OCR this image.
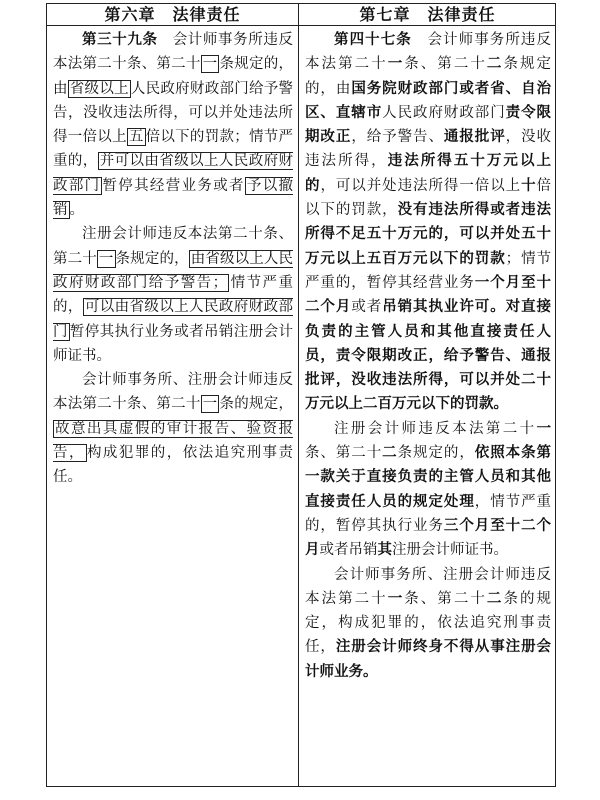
第六章　法律责任	第七章　法律责任

第三十九条　会计师事务所违反本法第二十条、第二十 一 条规定的，由 省级以上 人民政府财政部门给予警告，没收违法所得，可以并处违法所得一倍以上 五 倍以下的罚款；情节严重的， 并可以由省级以上人民政府财政部门 暂停其经营业务或者 予以撤销 。

注册会计师违反本法第二十条、第二十 一 条规定的， 由省级以上人民政府财政部门给予警告； 情节严重的， 可以由省级以上人民政府财政部门 暂停其执行业务或者吊销注册会计师证书。

会计师事务所、注册会计师违反本法第二十条、第二十 一 条的规定，故意出具虚假的审计报告、验资报告， 构成犯罪的，依法追究刑事责任。

第四十七条　会计师事务所违反本法第二十一条、第二十二条规定的，由国务院财政部门或者省、自治区、直辖市人民政府财政部门责令限期改正，给予警告、通报批评，没收违法所得，违法所得五十万元以上的，可以并处违法所得一倍以上十倍以下的罚款，没有违法所得或者违法所得不足五十万元的，可以并处五十万元以上五百万元以下的罚款；情节严重的，暂停其经营业务一个月至十二个月或者吊销其执业许可。对直接负责的主管人员和其他直接责任人员，责令限期改正，给予警告、通报批评，没收违法所得，可以并处二十万元以上二百万元以下的罚款。

注册会计师违反本法第二十一条、第二十二条规定的，依照本条第一款关于直接负责的主管人员和其他直接责任人员的规定处理，情节严重的，暂停其执行业务三个月至十二个月或者吊销其注册会计师证书。

会计师事务所、注册会计师违反本法第二十一条、第二十二条的规定，构成犯罪的，依法追究刑事责任，注册会计师终身不得从事注册会计师业务。
